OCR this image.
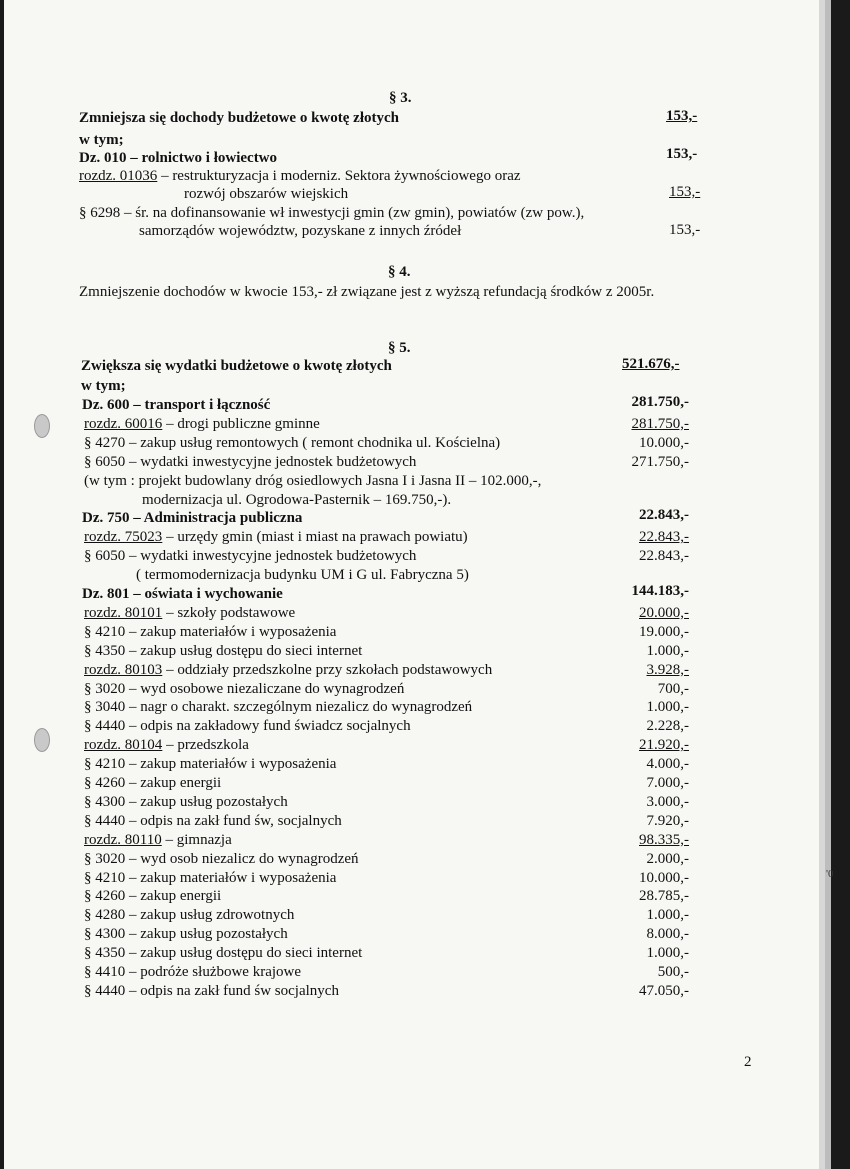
§ 3.
Zmniejsza się dochody budżetowe o kwotę złotych	153,-
w tym;
Dz. 010 – rolnictwo i łowiectwo	153,-
rozdz. 01036 – restrukturyzacja i moderniz. Sektora żywnościowego oraz
rozwój obszarów wiejskich	153,-
§ 6298 – śr. na dofinansowanie wł inwestycji gmin (zw gmin), powiatów (zw pow.),
samorządów województw, pozyskane z innych źródeł	153,-
§ 4.
Zmniejszenie dochodów w kwocie 153,- zł związane jest z wyższą refundacją środków z 2005r.
§ 5.
Zwiększa się wydatki budżetowe o kwotę złotych	521.676,-
w tym;
Dz. 600 – transport i łączność	281.750,-
rozdz. 60016 – drogi publiczne gminne	281.750,-
§ 4270 – zakup usług remontowych ( remont chodnika ul. Kościelna)	10.000,-
§ 6050 – wydatki inwestycyjne jednostek budżetowych	271.750,-
(w tym : projekt budowlany dróg osiedlowych Jasna I i Jasna II – 102.000,-,
modernizacja ul. Ogrodowa-Pasternik – 169.750,-).
Dz. 750 – Administracja publiczna	22.843,-
rozdz. 75023 – urzędy gmin (miast i miast na prawach powiatu)	22.843,-
§ 6050 – wydatki inwestycyjne jednostek budżetowych	22.843,-
( termomodernizacja budynku UM i G ul. Fabryczna 5)
Dz. 801 – oświata i wychowanie	144.183,-
rozdz. 80101 – szkoły podstawowe	20.000,-
§ 4210 – zakup materiałów i wyposażenia	19.000,-
§ 4350 – zakup usług dostępu do sieci internet	1.000,-
rozdz. 80103 – oddziały przedszkolne przy szkołach podstawowych	3.928,-
§ 3020 – wyd osobowe niezaliczane do wynagrodzeń	700,-
§ 3040 – nagr o charakt. szczególnym niezalicz do wynagrodzeń	1.000,-
§ 4440 – odpis na zakładowy fund świadcz socjalnych	2.228,-
rozdz. 80104 – przedszkola	21.920,-
§ 4210 – zakup materiałów i wyposażenia	4.000,-
§ 4260 – zakup energii	7.000,-
§ 4300 – zakup usług pozostałych	3.000,-
§ 4440 – odpis na zakł fund św, socjalnych	7.920,-
rozdz. 80110 – gimnazja	98.335,-
§ 3020 – wyd osob niezalicz do wynagrodzeń	2.000,-
§ 4210 – zakup materiałów i wyposażenia	10.000,-
§ 4260 – zakup energii	28.785,-
§ 4280 – zakup usług zdrowotnych	1.000,-
§ 4300 – zakup usług pozostałych	8.000,-
§ 4350 – zakup usług dostępu do sieci internet	1.000,-
§ 4410 – podróże służbowe krajowe	500,-
§ 4440 – odpis na zakł fund św socjalnych	47.050,-
2
'0
